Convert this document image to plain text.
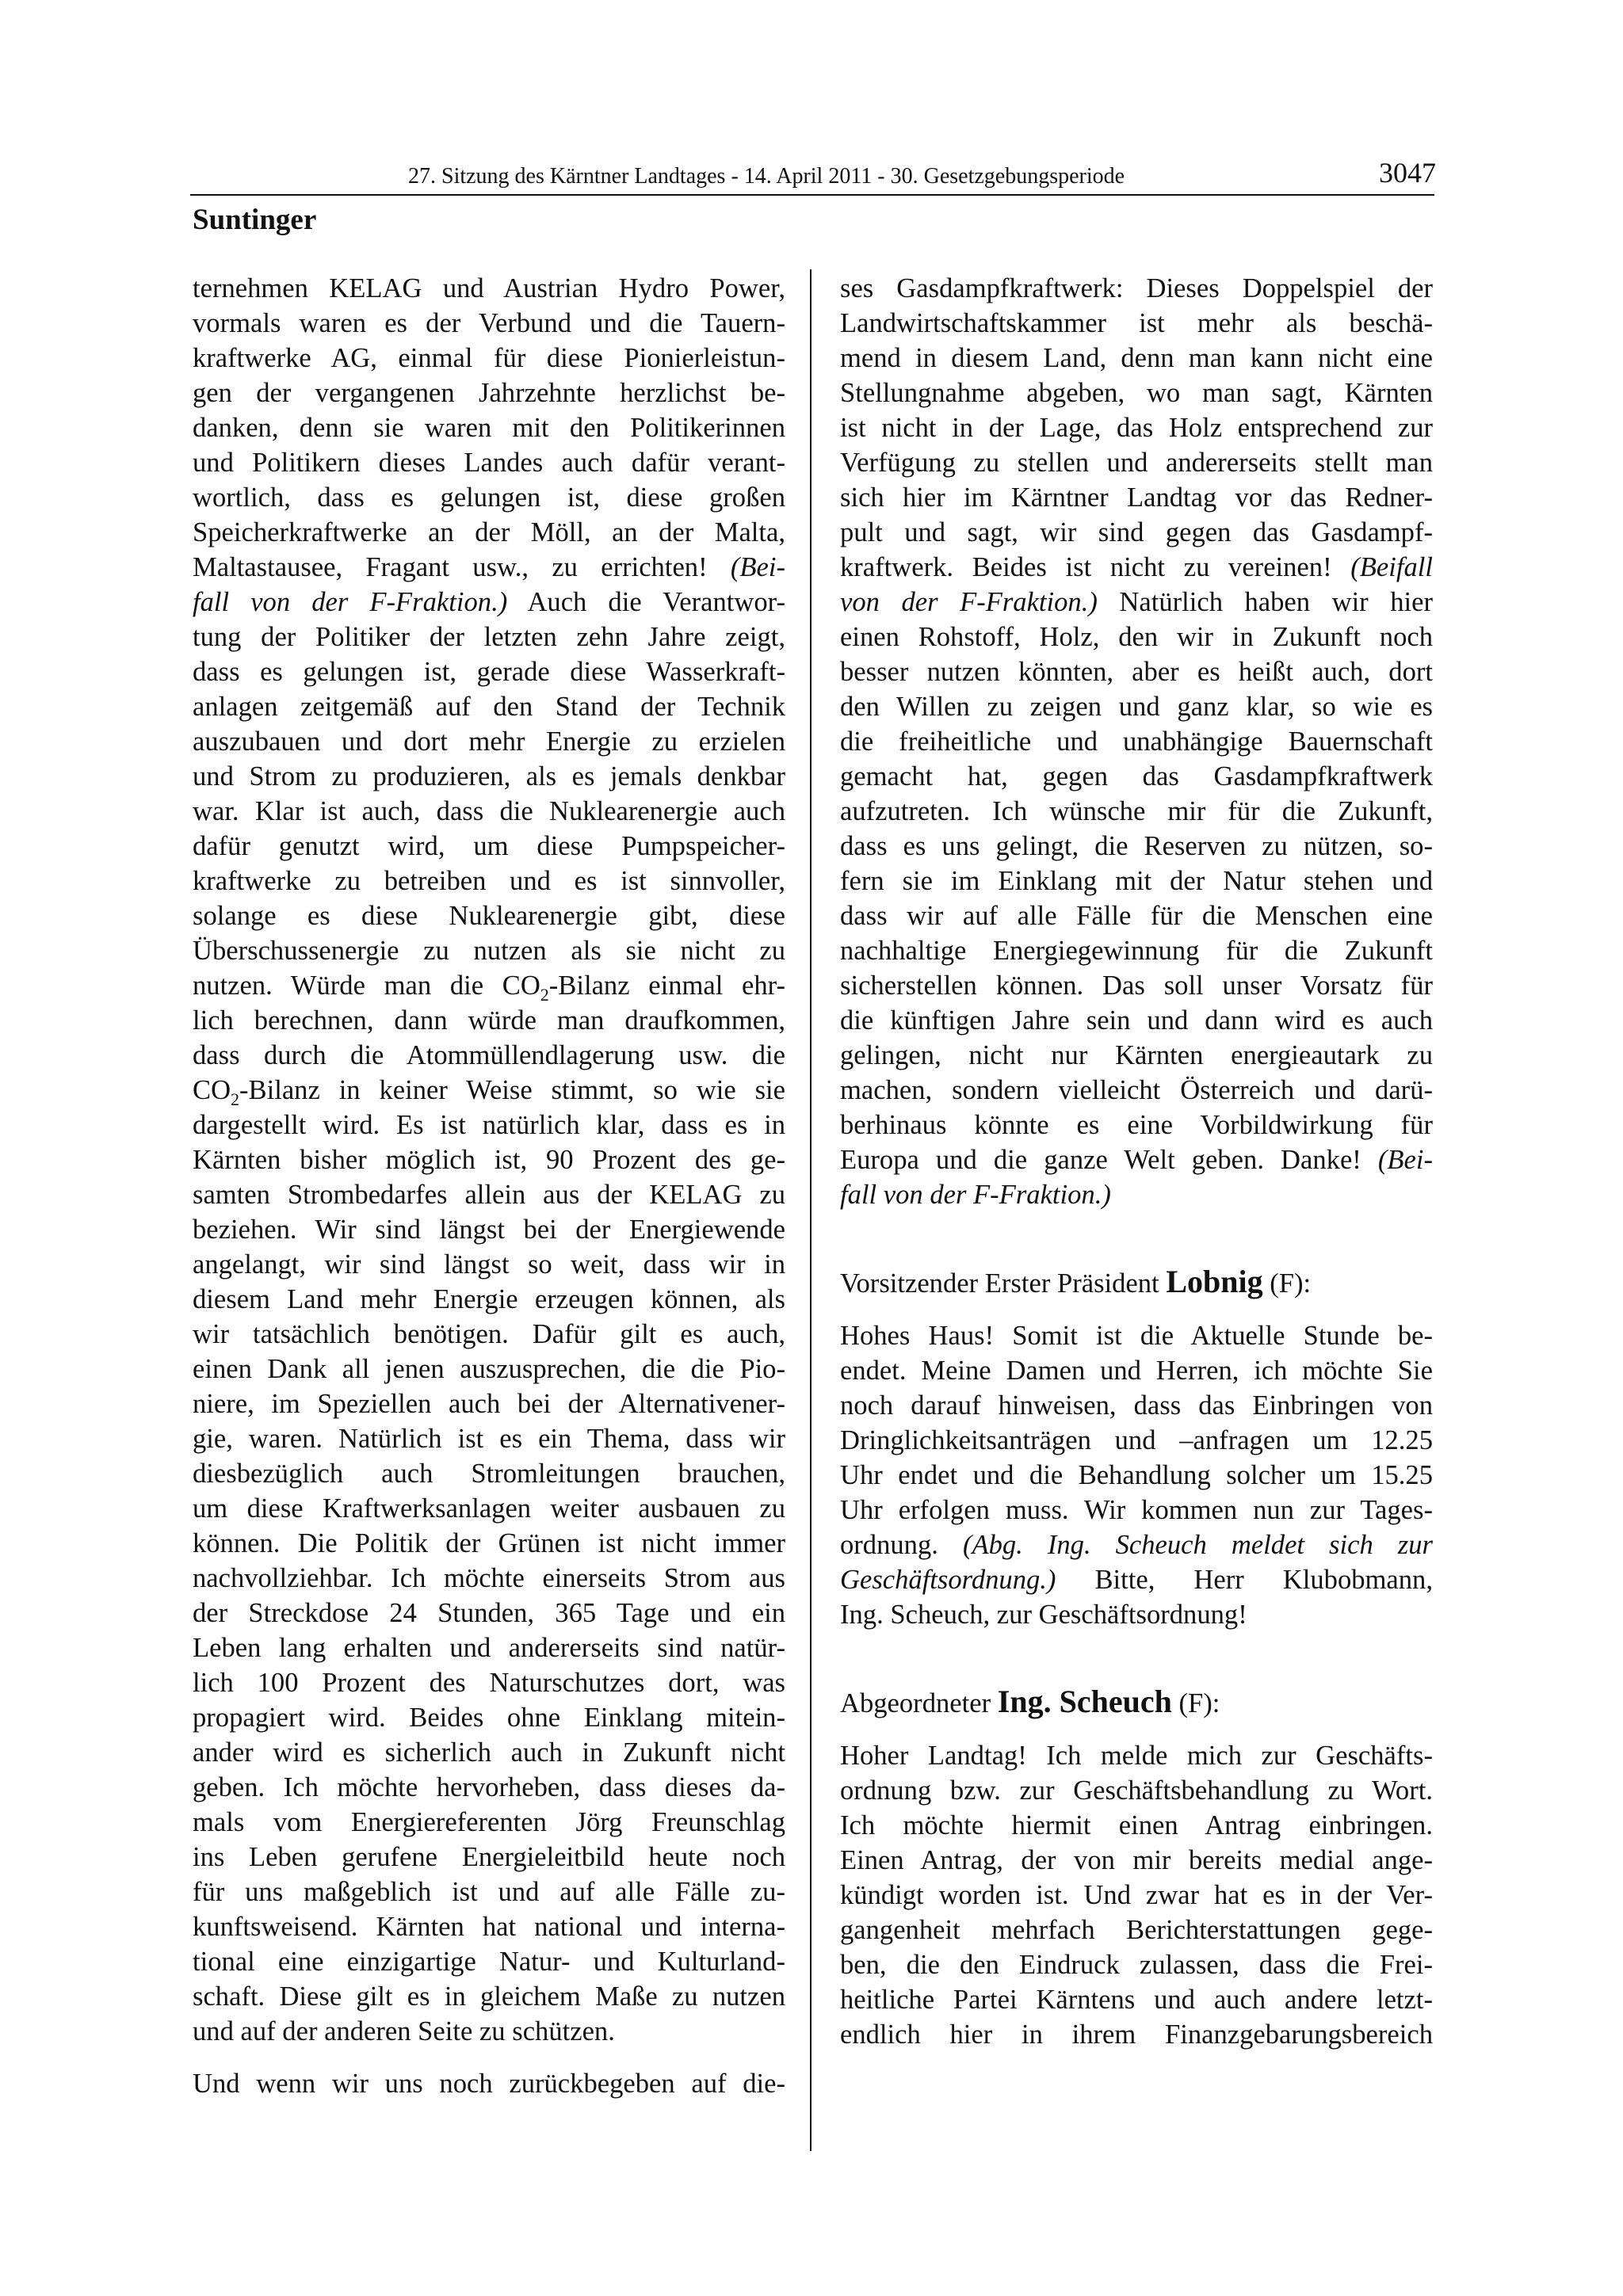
27. Sitzung des Kärntner Landtages - 14. April 2011 - 30. Gesetzgebungsperiode	3047
Suntinger

ternehmen KELAG und Austrian Hydro Power,
vormals waren es der Verbund und die Tauern-
kraftwerke AG, einmal für diese Pionierleistun-
gen der vergangenen Jahrzehnte herzlichst be-
danken, denn sie waren mit den Politikerinnen
und Politikern dieses Landes auch dafür verant-
wortlich, dass es gelungen ist, diese großen
Speicherkraftwerke an der Möll, an der Malta,
Maltastausee, Fragant usw., zu errichten! (Bei-
fall von der F-Fraktion.) Auch die Verantwor-
tung der Politiker der letzten zehn Jahre zeigt,
dass es gelungen ist, gerade diese Wasserkraft-
anlagen zeitgemäß auf den Stand der Technik
auszubauen und dort mehr Energie zu erzielen
und Strom zu produzieren, als es jemals denkbar
war. Klar ist auch, dass die Nuklearenergie auch
dafür genutzt wird, um diese Pumpspeicher-
kraftwerke zu betreiben und es ist sinnvoller,
solange es diese Nuklearenergie gibt, diese
Überschussenergie zu nutzen als sie nicht zu
nutzen. Würde man die $CO_2$-Bilanz einmal ehr-
lich berechnen, dann würde man draufkommen,
dass durch die Atommüllendlagerung usw. die
$CO_2$-Bilanz in keiner Weise stimmt, so wie sie
dargestellt wird. Es ist natürlich klar, dass es in
Kärnten bisher möglich ist, 90 Prozent des ge-
samten Strombedarfes allein aus der KELAG zu
beziehen. Wir sind längst bei der Energiewende
angelangt, wir sind längst so weit, dass wir in
diesem Land mehr Energie erzeugen können, als
wir tatsächlich benötigen. Dafür gilt es auch,
einen Dank all jenen auszusprechen, die die Pio-
niere, im Speziellen auch bei der Alternativener-
gie, waren. Natürlich ist es ein Thema, dass wir
diesbezüglich auch Stromleitungen brauchen,
um diese Kraftwerksanlagen weiter ausbauen zu
können. Die Politik der Grünen ist nicht immer
nachvollziehbar. Ich möchte einerseits Strom aus
der Streckdose 24 Stunden, 365 Tage und ein
Leben lang erhalten und andererseits sind natür-
lich 100 Prozent des Naturschutzes dort, was
propagiert wird. Beides ohne Einklang mitein-
ander wird es sicherlich auch in Zukunft nicht
geben. Ich möchte hervorheben, dass dieses da-
mals vom Energiereferenten Jörg Freunschlag
ins Leben gerufene Energieleitbild heute noch
für uns maßgeblich ist und auf alle Fälle zu-
kunftsweisend. Kärnten hat national und interna-
tional eine einzigartige Natur- und Kulturland-
schaft. Diese gilt es in gleichem Maße zu nutzen
und auf der anderen Seite zu schützen.

Und wenn wir uns noch zurückbegeben auf die-

ses Gasdampfkraftwerk: Dieses Doppelspiel der
Landwirtschaftskammer ist mehr als beschä-
mend in diesem Land, denn man kann nicht eine
Stellungnahme abgeben, wo man sagt, Kärnten
ist nicht in der Lage, das Holz entsprechend zur
Verfügung zu stellen und andererseits stellt man
sich hier im Kärntner Landtag vor das Redner-
pult und sagt, wir sind gegen das Gasdampf-
kraftwerk. Beides ist nicht zu vereinen! (Beifall
von der F-Fraktion.) Natürlich haben wir hier
einen Rohstoff, Holz, den wir in Zukunft noch
besser nutzen könnten, aber es heißt auch, dort
den Willen zu zeigen und ganz klar, so wie es
die freiheitliche und unabhängige Bauernschaft
gemacht hat, gegen das Gasdampfkraftwerk
aufzutreten. Ich wünsche mir für die Zukunft,
dass es uns gelingt, die Reserven zu nützen, so-
fern sie im Einklang mit der Natur stehen und
dass wir auf alle Fälle für die Menschen eine
nachhaltige Energiegewinnung für die Zukunft
sicherstellen können. Das soll unser Vorsatz für
die künftigen Jahre sein und dann wird es auch
gelingen, nicht nur Kärnten energieautark zu
machen, sondern vielleicht Österreich und darü-
berhinaus könnte es eine Vorbildwirkung für
Europa und die ganze Welt geben. Danke! (Bei-
fall von der F-Fraktion.)

Vorsitzender Erster Präsident Lobnig (F):

Hohes Haus! Somit ist die Aktuelle Stunde be-
endet. Meine Damen und Herren, ich möchte Sie
noch darauf hinweisen, dass das Einbringen von
Dringlichkeitsanträgen und –anfragen um 12.25
Uhr endet und die Behandlung solcher um 15.25
Uhr erfolgen muss. Wir kommen nun zur Tages-
ordnung. (Abg. Ing. Scheuch meldet sich zur
Geschäftsordnung.) Bitte, Herr Klubobmann,
Ing. Scheuch, zur Geschäftsordnung!

Abgeordneter Ing. Scheuch (F):

Hoher Landtag! Ich melde mich zur Geschäfts-
ordnung bzw. zur Geschäftsbehandlung zu Wort.
Ich möchte hiermit einen Antrag einbringen.
Einen Antrag, der von mir bereits medial ange-
kündigt worden ist. Und zwar hat es in der Ver-
gangenheit mehrfach Berichterstattungen gege-
ben, die den Eindruck zulassen, dass die Frei-
heitliche Partei Kärntens und auch andere letzt-
endlich hier in ihrem Finanzgebarungsbereich
